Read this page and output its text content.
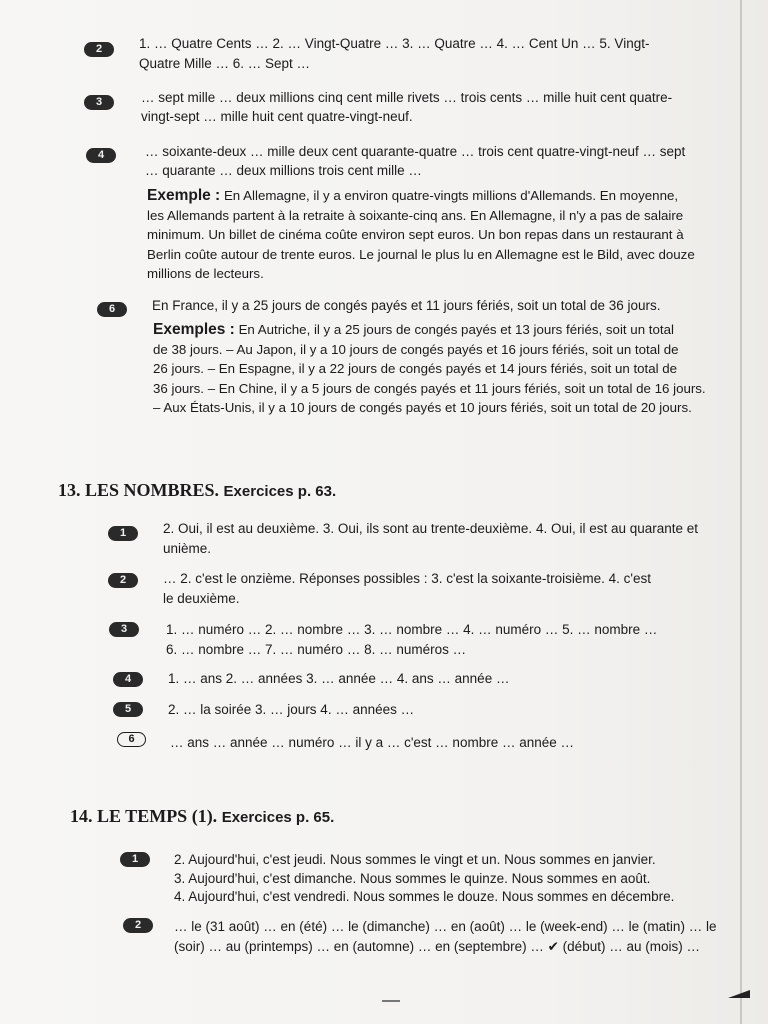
2	1. … Quatre Cents … 2. … Vingt-Quatre … 3. … Quatre … 4. … Cent Un … 5. Vingt-
Quatre Mille … 6. … Sept …
3	… sept mille … deux millions cinq cent mille rivets … trois cents … mille huit cent quatre-
vingt-sept … mille huit cent quatre-vingt-neuf.
4	… soixante-deux … mille deux cent quarante-quatre … trois cent quatre-vingt-neuf … sept
… quarante … deux millions trois cent mille …
Exemple : En Allemagne, il y a environ quatre-vingts millions d'Allemands. En moyenne,
les Allemands partent à la retraite à soixante-cinq ans. En Allemagne, il n'y a pas de salaire
minimum. Un billet de cinéma coûte environ sept euros. Un bon repas dans un restaurant à
Berlin coûte autour de trente euros. Le journal le plus lu en Allemagne est le Bild, avec douze
millions de lecteurs.
6	En France, il y a 25 jours de congés payés et 11 jours fériés, soit un total de 36 jours.
Exemples : En Autriche, il y a 25 jours de congés payés et 13 jours fériés, soit un total
de 38 jours. – Au Japon, il y a 10 jours de congés payés et 16 jours fériés, soit un total de
26 jours. – En Espagne, il y a 22 jours de congés payés et 14 jours fériés, soit un total de
36 jours. – En Chine, il y a 5 jours de congés payés et 11 jours fériés, soit un total de 16 jours.
– Aux États-Unis, il y a 10 jours de congés payés et 10 jours fériés, soit un total de 20 jours.
13. LES NOMBRES. Exercices p. 63.
1	2. Oui, il est au deuxième. 3. Oui, ils sont au trente-deuxième. 4. Oui, il est au quarante et
unième.
2	… 2. c'est le onzième. Réponses possibles : 3. c'est la soixante-troisième. 4. c'est
le deuxième.
3	1. … numéro … 2. … nombre … 3. … nombre … 4. … numéro … 5. … nombre …
6. … nombre … 7. … numéro … 8. … numéros …
4	1. … ans 2. … années 3. … année … 4. ans … année …
5	2. … la soirée 3. … jours 4. … années …
6	… ans … année … numéro … il y a … c'est … nombre … année …
14. LE TEMPS (1). Exercices p. 65.
1	2. Aujourd'hui, c'est jeudi. Nous sommes le vingt et un. Nous sommes en janvier.
3. Aujourd'hui, c'est dimanche. Nous sommes le quinze. Nous sommes en août.
4. Aujourd'hui, c'est vendredi. Nous sommes le douze. Nous sommes en décembre.
2	… le (31 août) … en (été) … le (dimanche) … en (août) … le (week-end) … le (matin) … le
(soir) … au (printemps) … en (automne) … en (septembre) … ✔ (début) … au (mois) …
